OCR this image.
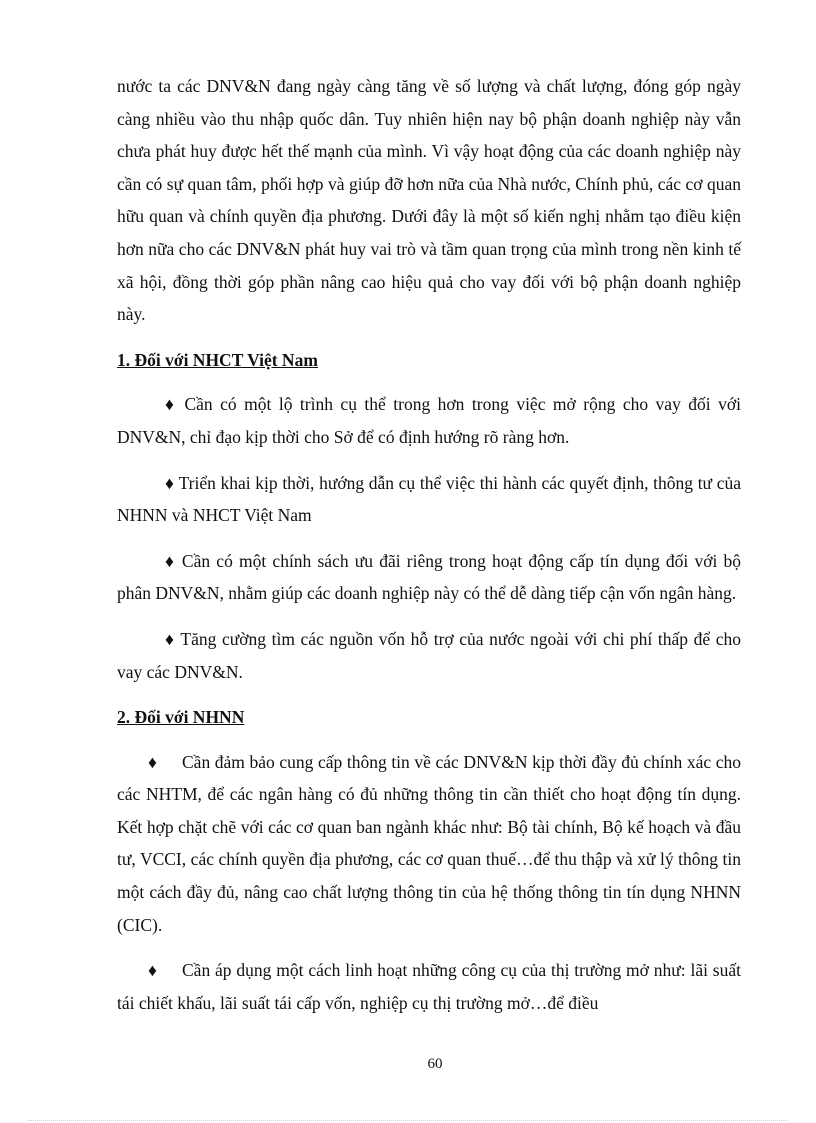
nước ta các DNV&N đang ngày càng tăng về số lượng và chất lượng, đóng góp ngày càng nhiều vào thu nhập quốc dân. Tuy nhiên hiện nay bộ phận doanh nghiệp này vẫn chưa phát huy được hết thế mạnh của mình. Vì vậy hoạt động của các doanh nghiệp này cần có sự quan tâm, phối hợp và giúp đỡ hơn nữa của Nhà nước, Chính phủ, các cơ quan hữu quan và chính quyền địa phương. Dưới đây là một số kiến nghị nhằm tạo điều kiện hơn nữa cho các DNV&N phát huy vai trò và tầm quan trọng của mình trong nền kinh tế xã hội, đồng thời góp phần nâng cao hiệu quả cho vay đối với bộ phận doanh nghiệp này.

1. Đối với NHCT Việt Nam

♦ Cần có một lộ trình cụ thể trong hơn trong việc mở rộng cho vay đối với DNV&N, chỉ đạo kịp thời cho Sở để có định hướng rõ ràng hơn.

♦ Triển khai kịp thời, hướng dẫn cụ thể việc thi hành các quyết định, thông tư của NHNN và NHCT Việt Nam

♦ Cần có một chính sách ưu đãi riêng trong hoạt động cấp tín dụng đối với bộ phân DNV&N, nhằm giúp các doanh nghiệp này có thể dễ dàng tiếp cận vốn ngân hàng.

♦ Tăng cường tìm các nguồn vốn hỗ trợ của nước ngoài với chi phí thấp để cho vay các DNV&N.

2. Đối với NHNN

♦ Cần đảm bảo cung cấp thông tin về các DNV&N kịp thời đầy đủ chính xác cho các NHTM, để các ngân hàng có đủ những thông tin cần thiết cho hoạt động tín dụng. Kết hợp chặt chẽ với các cơ quan ban ngành khác như: Bộ tài chính, Bộ kế hoạch và đầu tư, VCCI, các chính quyền địa phương, các cơ quan thuế…để thu thập và xử lý thông tin một cách đầy đủ, nâng cao chất lượng thông tin của hệ thống thông tin tín dụng NHNN (CIC).

♦ Cần áp dụng một cách linh hoạt những công cụ của thị trường mở như: lãi suất tái chiết khấu, lãi suất tái cấp vốn, nghiệp cụ thị trường mở…để điều

60
